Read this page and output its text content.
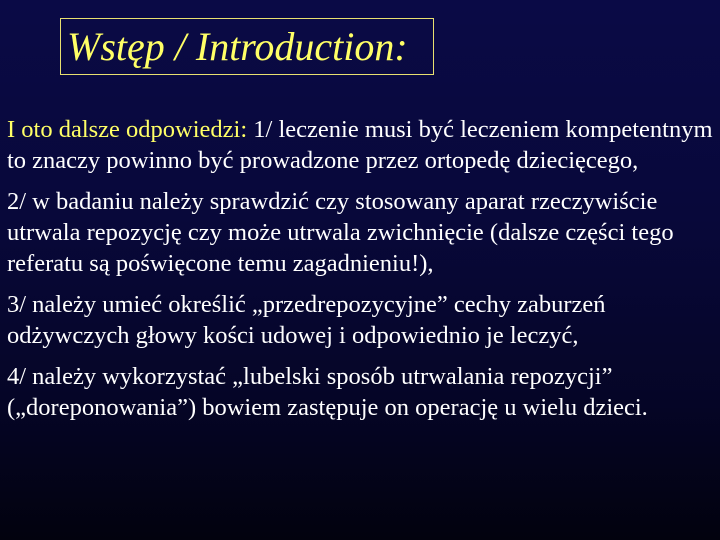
Wstęp / Introduction:

I oto dalsze odpowiedzi: 1/ leczenie musi być leczeniem kompetentnym to znaczy powinno być prowadzone przez ortopedę dziecięcego,

2/ w badaniu należy sprawdzić czy stosowany aparat rzeczywiście utrwala repozycję czy może utrwala zwichnięcie (dalsze części tego referatu są poświęcone temu zagadnieniu!),

3/ należy umieć określić „przedrepozycyjne” cechy zaburzeń odżywczych głowy kości udowej i odpowiednio je leczyć,

4/ należy wykorzystać „lubelski sposób utrwalania repozycji” („doreponowania”) bowiem zastępuje on operację u wielu dzieci.
